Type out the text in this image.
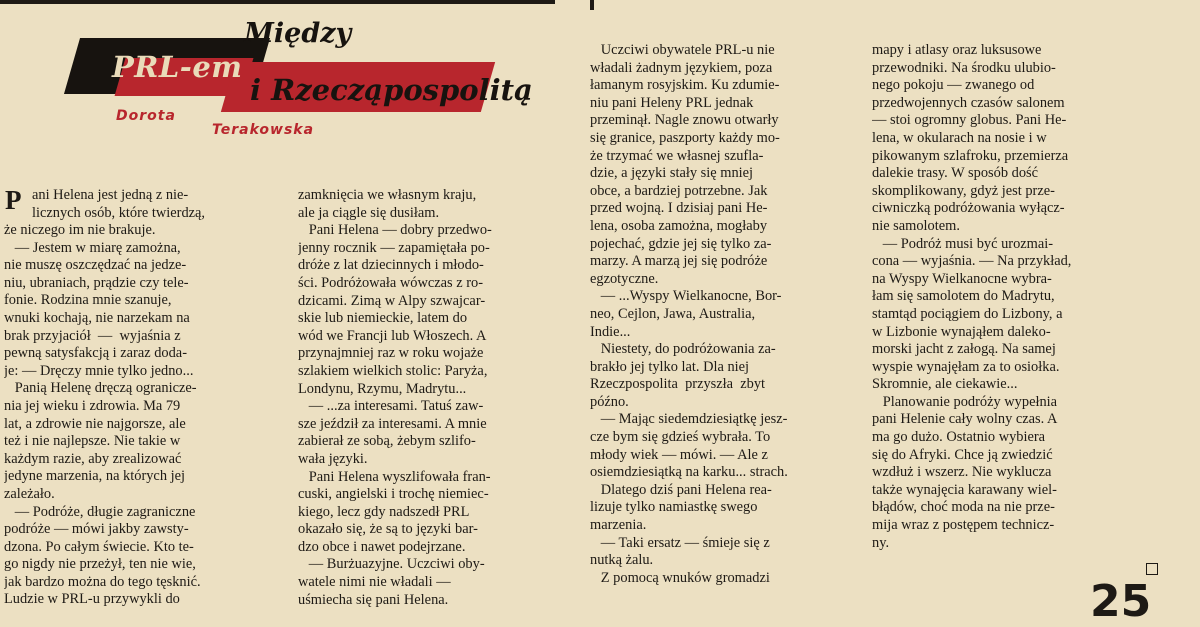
PRL-em
Między
i Rzecząpospolitą
Dorota
Terakowska
P ani Helena jest jedną z nie-
licznych osób, które twierdzą,

że niczego im nie brakuje.
— Jestem w miarę zamożna,
nie muszę oszczędzać na jedze-
niu, ubraniach, prądzie czy tele-
fonie. Rodzina mnie szanuje,
wnuki kochają, nie narzekam na
brak przyjaciół  —  wyjaśnia z
pewną satysfakcją i zaraz doda-
je: — Dręczy mnie tylko jedno...
Panią Helenę dręczą ogranicze-
nia jej wieku i zdrowia. Ma 79
lat, a zdrowie nie najgorsze, ale
też i nie najlepsze. Nie takie w
każdym razie, aby zrealizować
jedyne marzenia, na których jej
zależało.
— Podróże, długie zagraniczne
podróże — mówi jakby zawsty-
dzona. Po całym świecie. Kto te-
go nigdy nie przeżył, ten nie wie,
jak bardzo można do tego tęsknić.
Ludzie w PRL-u przywykli do

zamknięcia we własnym kraju,
ale ja ciągle się dusiłam.
Pani Helena — dobry przedwo-
jenny rocznik — zapamiętała po-
dróże z lat dziecinnych i młodo-
ści. Podróżowała wówczas z ro-
dzicami. Zimą w Alpy szwajcar-
skie lub niemieckie, latem do
wód we Francji lub Włoszech. A
przynajmniej raz w roku wojaże
szlakiem wielkich stolic: Paryża,
Londynu, Rzymu, Madrytu...
— ...za interesami. Tatuś zaw-
sze jeździł za interesami. A mnie
zabierał ze sobą, żebym szlifo-
wała języki.
Pani Helena wyszlifowała fran-
cuski, angielski i trochę niemiec-
kiego, lecz gdy nadszedł PRL
okazało się, że są to języki bar-
dzo obce i nawet podejrzane.
— Burżuazyjne. Uczciwi oby-
watele nimi nie władali —
uśmiecha się pani Helena.

Uczciwi obywatele PRL-u nie
władali żadnym językiem, poza
łamanym rosyjskim. Ku zdumie-
niu pani Heleny PRL jednak
przeminął. Nagle znowu otwarły
się granice, paszporty każdy mo-
że trzymać we własnej szufla-
dzie, a języki stały się mniej
obce, a bardziej potrzebne. Jak
przed wojną. I dzisiaj pani He-
lena, osoba zamożna, mogłaby
pojechać, gdzie jej się tylko za-
marzy. A marzą jej się podróże
egzotyczne.
— ...Wyspy Wielkanocne, Bor-
neo, Cejlon, Jawa, Australia,
Indie...
Niestety, do podróżowania za-
brakło jej tylko lat. Dla niej
Rzeczpospolita  przyszła  zbyt
późno.
— Mając siedemdziesiątkę jesz-
cze bym się gdzieś wybrała. To
młody wiek — mówi. — Ale z
osiemdziesiątką na karku... strach.
Dlatego dziś pani Helena rea-
lizuje tylko namiastkę swego
marzenia.
— Taki ersatz — śmieje się z
nutką żalu.
Z pomocą wnuków gromadzi

mapy i atlasy oraz luksusowe
przewodniki. Na środku ulubio-
nego pokoju — zwanego od
przedwojennych czasów salonem
— stoi ogromny globus. Pani He-
lena, w okularach na nosie i w
pikowanym szlafroku, przemierza
dalekie trasy. W sposób dość
skomplikowany, gdyż jest prze-
ciwniczką podróżowania wyłącz-
nie samolotem.
— Podróż musi być urozmai-
cona — wyjaśnia. — Na przykład,
na Wyspy Wielkanocne wybra-
łam się samolotem do Madrytu,
stamtąd pociągiem do Lizbony, a
w Lizbonie wynająłem dalеko-
morski jacht z załogą. Na samej
wyspie wynajęłam za to osiołka.
Skromnie, ale ciekawie...
Planowanie podróży wypełnia
pani Helenie cały wolny czas. A
ma go dużo. Ostatnio wybiera
się do Afryki. Chce ją zwiedzić
wzdłuż i wszerz. Nie wyklucza
także wynajęcia karawany wiel-
błądów, choć moda na nie prze-
mija wraz z postępem technicz-
ny.

25
